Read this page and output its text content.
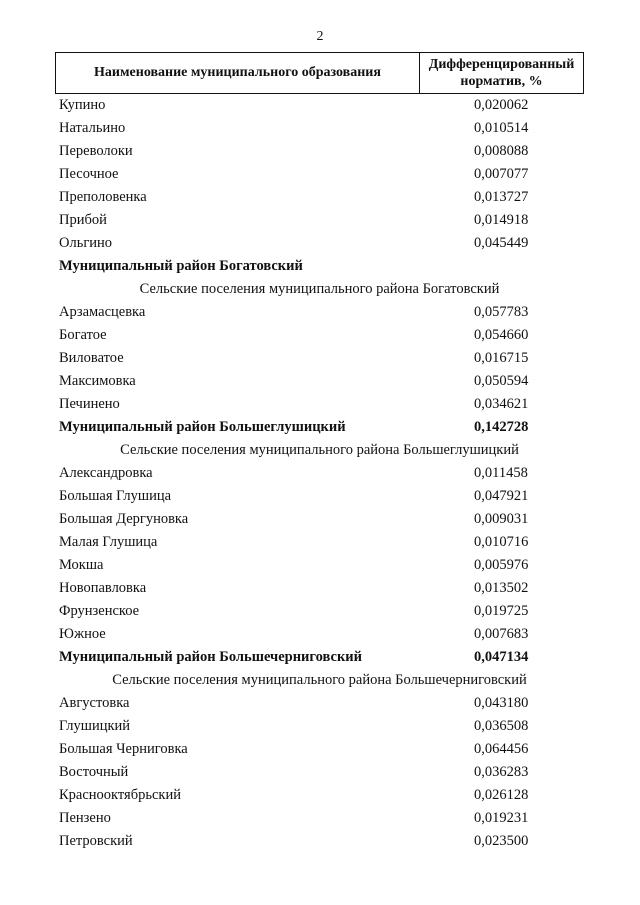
2
Наименование муниципального образования
Дифференцированный
норматив, %
Купино	0,020062
Натальино	0,010514
Переволоки	0,008088
Песочное	0,007077
Преполовенка	0,013727
Прибой	0,014918
Ольгино	0,045449
Муниципальный район Богатовский
Сельские поселения муниципального района Богатовский
Арзамасцевка	0,057783
Богатое	0,054660
Виловатое	0,016715
Максимовка	0,050594
Печинено	0,034621
Муниципальный район Большеглушицкий	0,142728
Сельские поселения муниципального района Большеглушицкий
Александровка	0,011458
Большая Глушица	0,047921
Большая Дергуновка	0,009031
Малая Глушица	0,010716
Мокша	0,005976
Новопавловка	0,013502
Фрунзенское	0,019725
Южное	0,007683
Муниципальный район Большечерниговский	0,047134
Сельские поселения муниципального района Большечерниговский
Августовка	0,043180
Глушицкий	0,036508
Большая Черниговка	0,064456
Восточный	0,036283
Краснооктябрьский	0,026128
Пензено	0,019231
Петровский	0,023500
